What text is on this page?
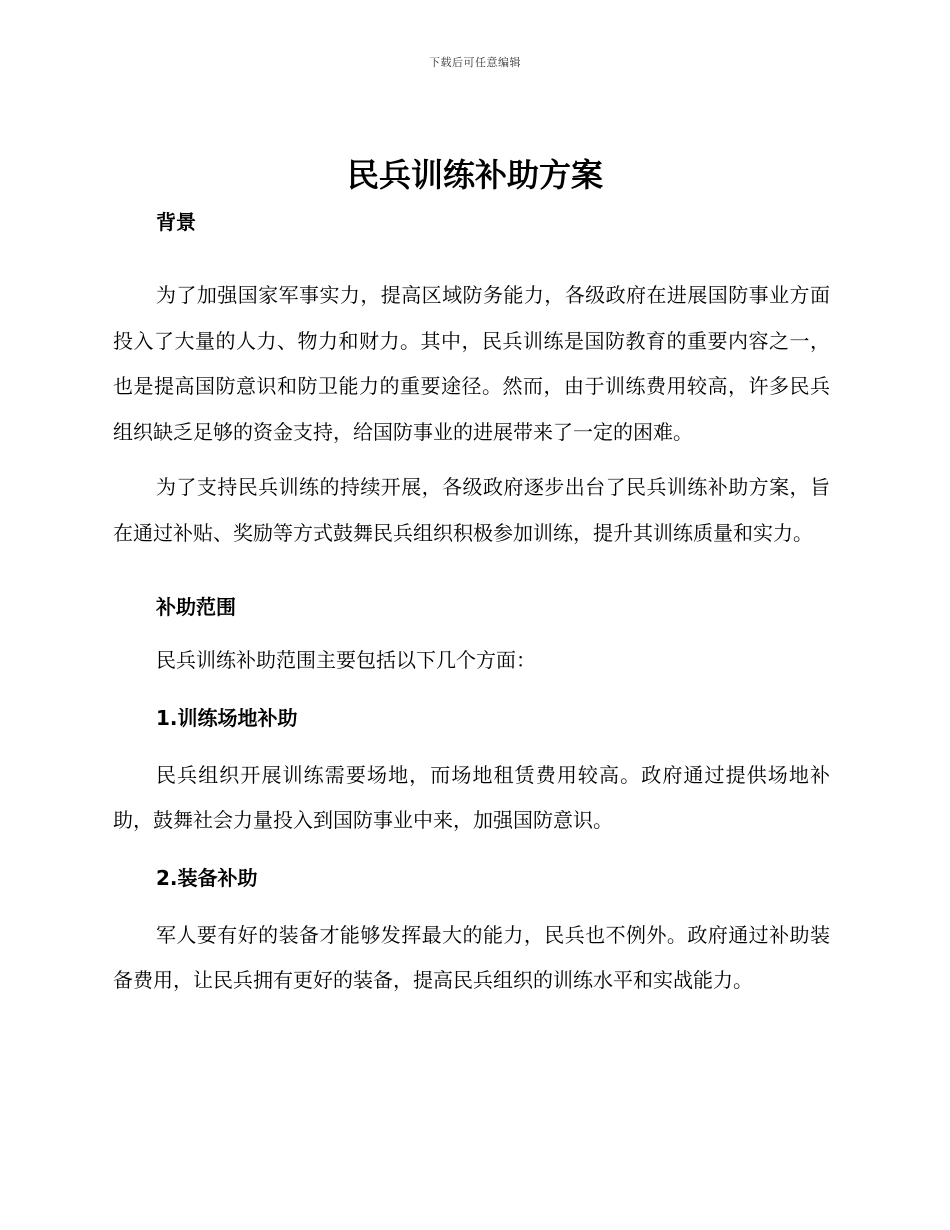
下载后可任意编辑
民兵训练补助方案

背景

为了加强国家军事实力，提高区域防务能力，各级政府在进展国防事业方面投入了大量的人力、物力和财力。其中，民兵训练是国防教育的重要内容之一，也是提高国防意识和防卫能力的重要途径。然而，由于训练费用较高，许多民兵组织缺乏足够的资金支持，给国防事业的进展带来了一定的困难。

为了支持民兵训练的持续开展，各级政府逐步出台了民兵训练补助方案，旨在通过补贴、奖励等方式鼓舞民兵组织积极参加训练，提升其训练质量和实力。

补助范围

民兵训练补助范围主要包括以下几个方面：

1.训练场地补助

民兵组织开展训练需要场地，而场地租赁费用较高。政府通过提供场地补助，鼓舞社会力量投入到国防事业中来，加强国防意识。

2.装备补助

军人要有好的装备才能够发挥最大的能力，民兵也不例外。政府通过补助装备费用，让民兵拥有更好的装备，提高民兵组织的训练水平和实战能力。
